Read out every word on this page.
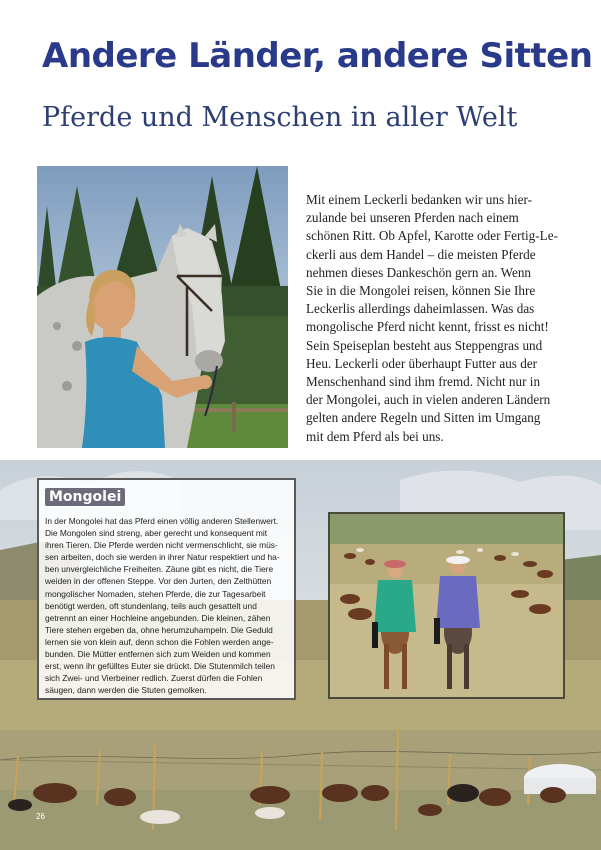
Andere Länder, andere Sitten
Pferde und Menschen in aller Welt

Mit einem Leckerli bedanken wir uns hier-
zulande bei unseren Pferden nach einem
schönen Ritt. Ob Apfel, Karotte oder Fertig-Le-
ckerli aus dem Handel – die meisten Pferde
nehmen dieses Dankeschön gern an. Wenn
Sie in die Mongolei reisen, können Sie Ihre
Leckerlis allerdings daheimlassen. Was das
mongolische Pferd nicht kennt, frisst es nicht!
Sein Speiseplan besteht aus Steppengras und
Heu. Leckerli oder überhaupt Futter aus der
Menschenhand sind ihm fremd. Nicht nur in
der Mongolei, auch in vielen anderen Ländern
gelten andere Regeln und Sitten im Umgang
mit dem Pferd als bei uns.

Mongolei

In der Mongolei hat das Pferd einen völlig anderen Stellenwert.
Die Mongolen sind streng, aber gerecht und konsequent mit
ihren Tieren. Die Pferde werden nicht vermenschlicht, sie müs-
sen arbeiten, doch sie werden in ihrer Natur respektiert und ha-
ben unvergleichliche Freiheiten. Zäune gibt es nicht, die Tiere
weiden in der offenen Steppe. Vor den Jurten, den Zelthütten
mongolischer Nomaden, stehen Pferde, die zur Tagesarbeit
benötigt werden, oft stundenlang, teils auch gesattelt und
getrennt an einer Hochleine angebunden. Die kleinen, zähen
Tiere stehen ergeben da, ohne herumzuhampeln. Die Geduld
lernen sie von klein auf, denn schon die Fohlen werden ange-
bunden. Die Mütter entfernen sich zum Weiden und kommen
erst, wenn ihr gefülltes Euter sie drückt. Die Stutenmilch teilen
sich Zwei- und Vierbeiner redlich. Zuerst dürfen die Fohlen
säugen, dann werden die Stuten gemolken.

26
